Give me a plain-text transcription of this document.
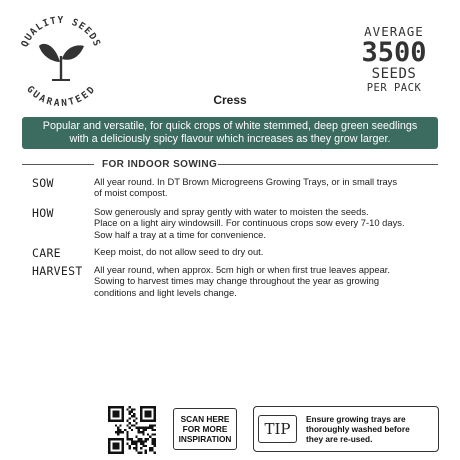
QUALITY SEEDS
GUARANTEED
AVERAGE
3500
SEEDS
PER PACK
Cress
Popular and versatile, for quick crops of white stemmed, deep green seedlings
with a deliciously spicy flavour which increases as they grow larger.
FOR INDOOR SOWING
SOW	All year round. In DT Brown Microgreens Growing Trays, or in small trays
of moist compost.
HOW	Sow generously and spray gently with water to moisten the seeds.
Place on a light airy windowsill. For continuous crops sow every 7-10 days.
Sow half a tray at a time for convenience.
CARE	Keep moist, do not allow seed to dry out.
HARVEST	All year round, when approx. 5cm high or when first true leaves appear.
Sowing to harvest times may change throughout the year as growing
conditions and light levels change.
SCAN HERE
FOR MORE
INSPIRATION
TIP
Ensure growing trays are
thoroughly washed before
they are re-used.
